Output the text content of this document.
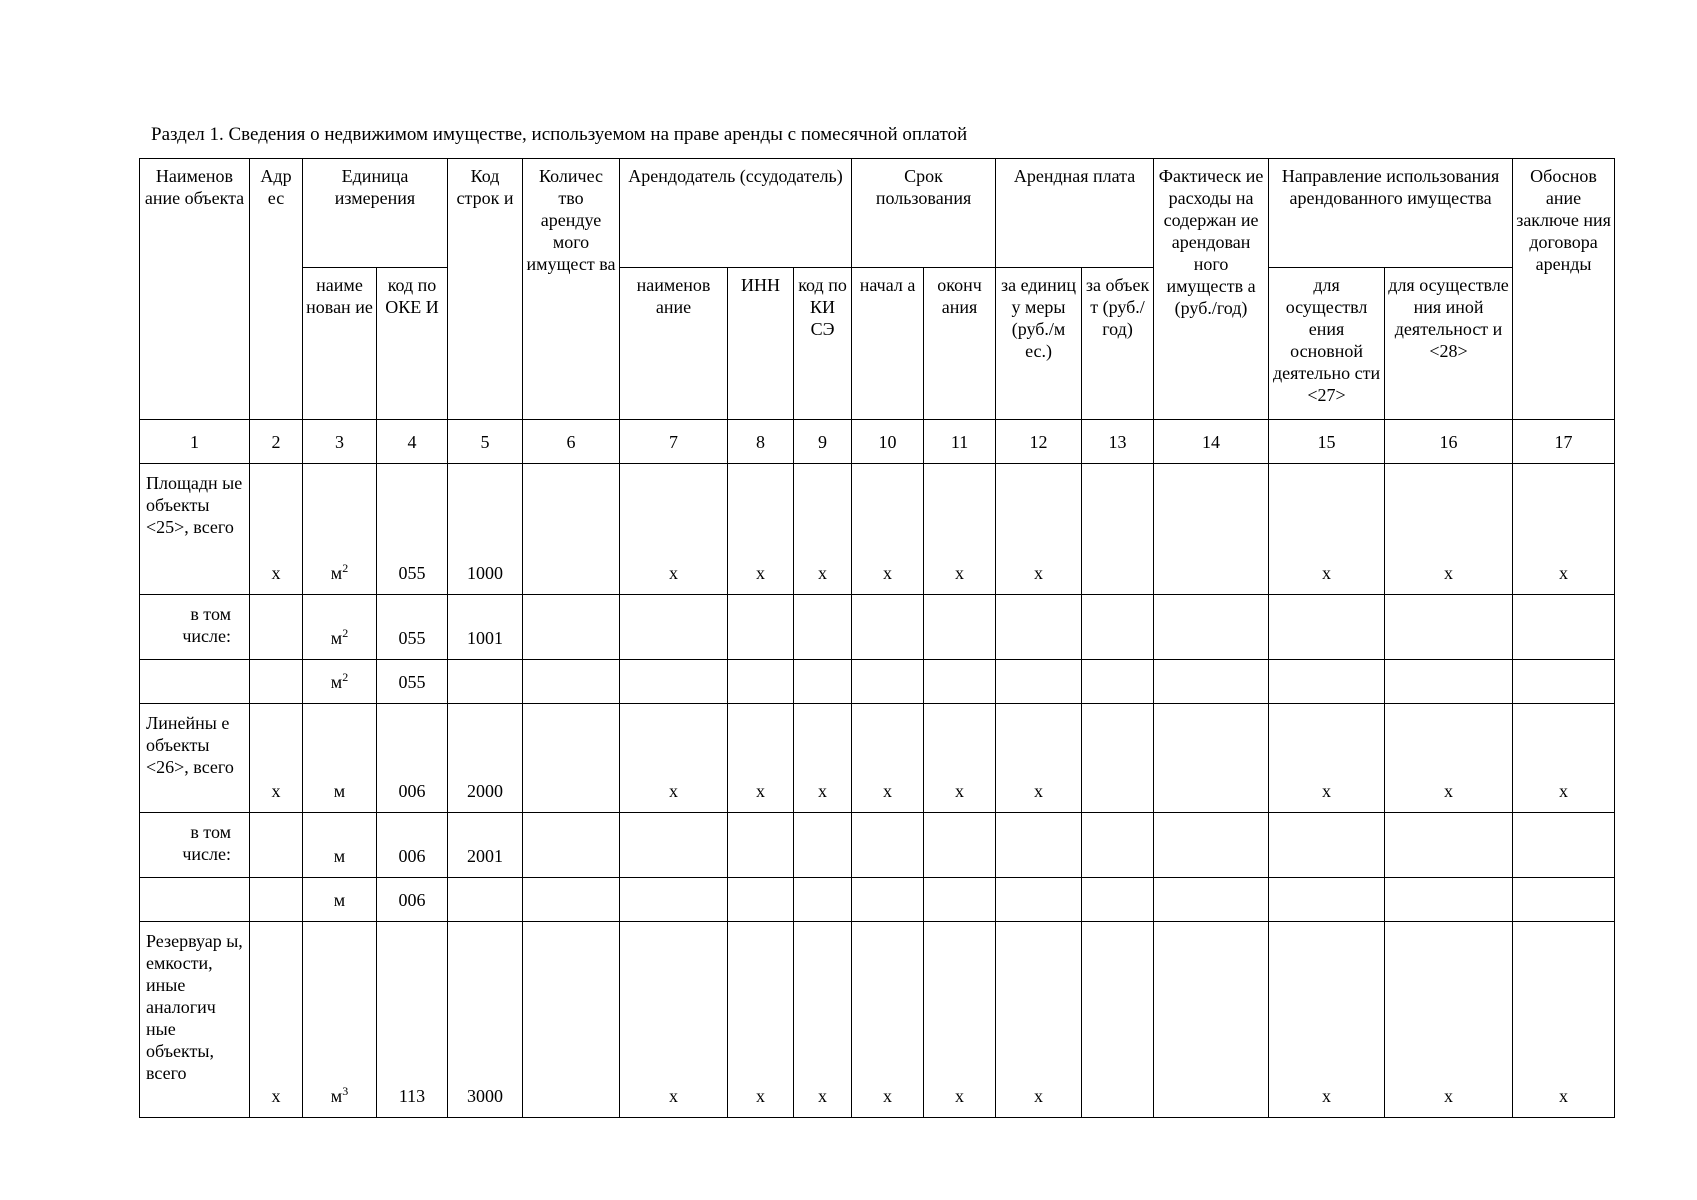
Раздел 1. Сведения о недвижимом имуществе, используемом на праве аренды с помесячной оплатой
Наименов ание объекта	Адр ес	Единица измерения		Код строк и	Количес тво арендуе мого имущест ва	Арендодатель (ссудодатель)			Срок пользования		Арендная плата		Фактическ ие расходы на содержан ие арендован ного имуществ а (руб./год)	Направление использования арендованного имущества		Обоснов ание заключе ния договора аренды
		наиме нован ие	код по ОКЕ И			наименов ание	ИНН	код по КИ СЭ	начал а	оконч ания	за единиц у меры (руб./м ес.)	за объек т (руб./ год)		для осуществл ения основной деятельно сти <27>	для осуществле ния иной деятельност и <28>	
1	2	3	4	5	6	7	8	9	10	11	12	13	14	15	16	17

Площадн ые объекты <25>, всего	х	$м^2$	055	1000		х	х	х	х	х	х			х	х	х
в том числе:		$м^2$	055	1001												
		$м^2$	055													

Линейны е объекты <26>, всего	х	м	006	2000		х	х	х	х	х	х			х	х	х
в том числе:		м	006	2001												
		м	006													

Резервуар ы, емкости, иные аналогич ные объекты, всего	х	$м^3$	113	3000		х	х	х	х	х	х			х	х	х
